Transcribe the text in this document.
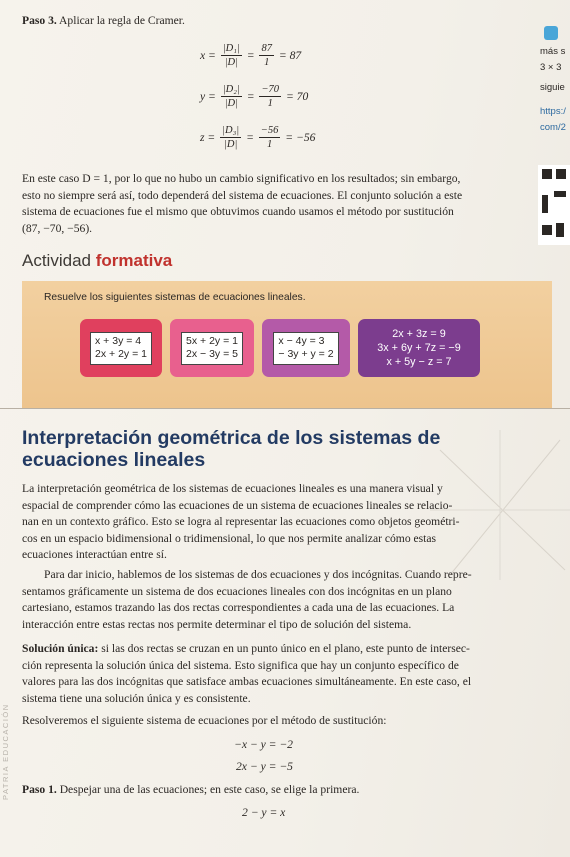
Paso 3. Aplicar la regla de Cramer.
$x = \frac{\text{|D₁|}}{|D|} = \frac{87}{1} = 87$
$y = \frac{\text{|D₂|}}{|D|} = \frac{-70}{1} = 70$
$z = \frac{\text{|D₃|}}{|D|} = \frac{-56}{1} = -56$
En este caso D = 1, por lo que no hubo un cambio significativo en los resultados; sin embargo,
esto no siempre será así, todo dependerá del sistema de ecuaciones. El conjunto solución a este
sistema de ecuaciones fue el mismo que obtuvimos cuando usamos el método por sustitución
(87, −70, −56).
más s
3 × 3
siguie
https:/
com/2
Actividad formativa
Resuelve los siguientes sistemas de ecuaciones lineales.
x + 3y = 4
2x + 2y = 1
5x + 2y = 1
2x − 3y = 5
x − 4y = 3
− 3y + y = 2
2x + 3z = 9
3x + 6y + 7z = −9
x + 5y − z = 7
Interpretación geométrica de los sistemas de ecuaciones lineales
La interpretación geométrica de los sistemas de ecuaciones lineales es una manera visual y
espacial de comprender cómo las ecuaciones de un sistema de ecuaciones lineales se relacio-
nan en un contexto gráfico. Esto se logra al representar las ecuaciones como objetos geométri-
cos en un espacio bidimensional o tridimensional, lo que nos permite analizar cómo estas
ecuaciones interactúan entre sí.
Para dar inicio, hablemos de los sistemas de dos ecuaciones y dos incógnitas. Cuando repre-
sentamos gráficamente un sistema de dos ecuaciones lineales con dos incógnitas en un plano
cartesiano, estamos trazando las dos rectas correspondientes a cada una de las ecuaciones. La
interacción entre estas rectas nos permite determinar el tipo de solución del sistema.
Solución única: si las dos rectas se cruzan en un punto único en el plano, este punto de intersec-
ción representa la solución única del sistema. Esto significa que hay un conjunto específico de
valores para las dos incógnitas que satisface ambas ecuaciones simultáneamente. En este caso, el
sistema tiene una solución única y es consistente.
Resolveremos el siguiente sistema de ecuaciones por el método de sustitución:
−x − y = −2
2x − y = −5
Paso 1. Despejar una de las ecuaciones; en este caso, se elige la primera.
2 − y = x
PATRIA EDUCACIÓN
